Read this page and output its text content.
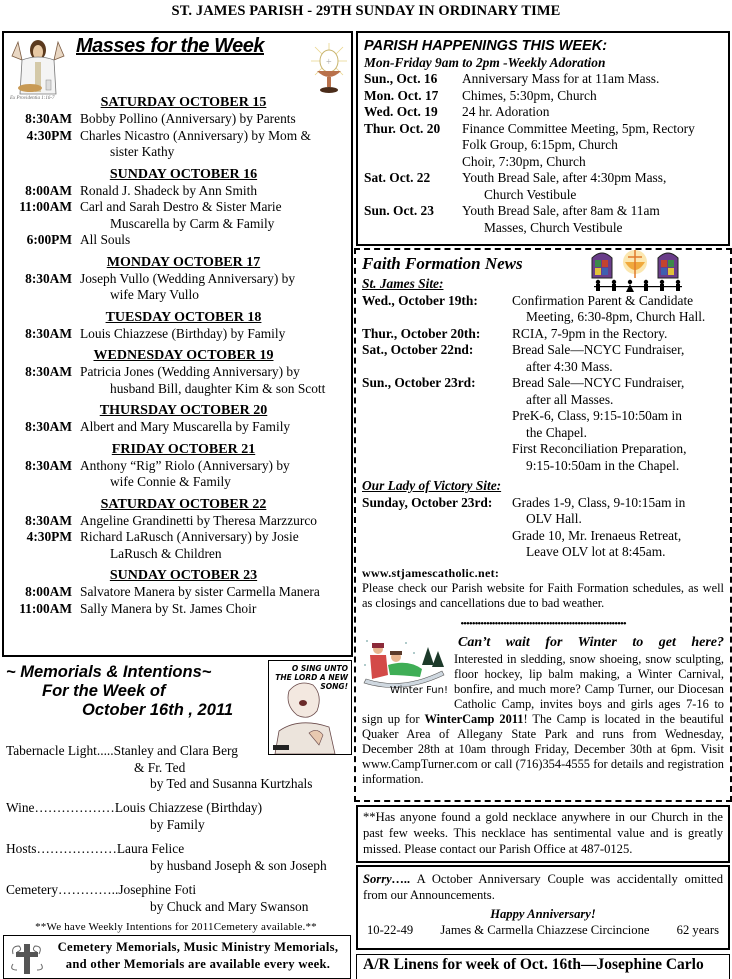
ST. JAMES PARISH - 29TH SUNDAY IN ORDINARY TIME
Ex Providentia 1:16-7
Masses for the Week
+
SATURDAY OCTOBER 15
8:30AM Bobby Pollino (Anniversary) by Parents
4:30PM Charles Nicastro (Anniversary) by Mom &
sister Kathy
SUNDAY OCTOBER 16
8:00AM Ronald J. Shadeck by Ann Smith
11:00AM Carl and Sarah Destro & Sister Marie
Muscarella by Carm & Family
6:00PM All Souls
MONDAY OCTOBER 17
8:30AM Joseph Vullo (Wedding Anniversary) by
wife Mary Vullo
TUESDAY OCTOBER 18
8:30AM Louis Chiazzese (Birthday) by Family
WEDNESDAY OCTOBER 19
8:30AM Patricia Jones (Wedding Anniversary) by
husband Bill, daughter Kim & son Scott
THURSDAY OCTOBER 20
8:30AM Albert and Mary Muscarella by Family
FRIDAY OCTOBER 21
8:30AM Anthony “Rig” Riolo (Anniversary) by
wife Connie & Family
SATURDAY OCTOBER 22
8:30AM Angeline Grandinetti by Theresa Marzzurco
4:30PM Richard LaRusch (Anniversary) by Josie
LaRusch & Children
SUNDAY OCTOBER 23
8:00AM Salvatore Manera by sister Carmella Manera
11:00AM Sally Manera by St. James Choir
PARISH HAPPENINGS THIS WEEK:
Mon-Friday 9am to 2pm -Weekly Adoration
Sun., Oct. 16	Anniversary Mass for at 11am Mass.
Mon. Oct. 17	Chimes, 5:30pm, Church
Wed. Oct. 19	24 hr. Adoration
Thur. Oct. 20	Finance Committee Meeting, 5pm, Rectory
Folk Group, 6:15pm, Church
Choir, 7:30pm, Church
Sat. Oct. 22	Youth Bread Sale, after 4:30pm Mass,
Church Vestibule
Sun. Oct. 23	Youth Bread Sale, after 8am & 11am
Masses, Church Vestibule
Faith Formation News
St. James Site:
Wed., October 19th:	Confirmation Parent & Candidate
Meeting, 6:30-8pm, Church Hall.
Thur., October 20th:	RCIA, 7-9pm in the Rectory.
Sat., October 22nd:	Bread Sale—NCYC Fundraiser,
after 4:30 Mass.
Sun., October 23rd:	Bread Sale—NCYC Fundraiser,
after all Masses.
PreK-6, Class, 9:15-10:50am in
the Chapel.
First Reconciliation Preparation,
9:15-10:50am in the Chapel.
Our Lady of Victory Site:
Sunday, October 23rd:	Grades 1-9, Class, 9-10:15am in
OLV Hall.
Grade 10, Mr. Irenaeus Retreat,
Leave OLV lot at 8:45am.
www.stjamescatholic.net:
Please check our Parish website for Faith Formation schedules, as well as closings and cancellations due to bad weather.
••••••••••••••••••••••••••••••••••••••••••••••••••••••••••
Winter Fun!
Can’t wait for Winter to get here?
Interested in sledding, snow shoeing, snow sculpting, floor hockey, lip balm making, a Winter Carnival, bonfire, and much more? Camp Turner, our Diocesan Catholic Camp, invites boys and girls ages 7-16 to sign up for WinterCamp 2011! The Camp is located in the beautiful Quaker Area of Allegany State Park and runs from Wednesday, December 28th at 10am through Friday, December 30th at 6pm. Visit www.CampTurner.com or call (716)354-4555 for details and registration information.
**Has anyone found a gold necklace anywhere in our Church in the past few weeks. This necklace has sentimental value and is greatly missed. Please contact our Parish Office at 487-0125.
Sorry….. A October Anniversary Couple was accidentally omitted from our Announcements.
Happy Anniversary!
10-22-49 James & Carmella Chiazzese Circincione 62 years
A/R Linens for week of Oct. 16th—Josephine Carlo
~ Memorials & Intentions~
For the Week of
October 16th , 2011
O SING UNTO THE LORD A NEW SONG!
Tabernacle Light.....Stanley and Clara Berg
& Fr. Ted
by Ted and Susanna Kurtzhals
Wine………………Louis Chiazzese (Birthday)
by Family
Hosts………………Laura Felice
by husband Joseph & son Joseph
Cemetery…………..Josephine Foti
by Chuck and Mary Swanson
**We have Weekly Intentions for 2011Cemetery available.**
Cemetery Memorials, Music Ministry Memorials,
and other Memorials are available every week.
